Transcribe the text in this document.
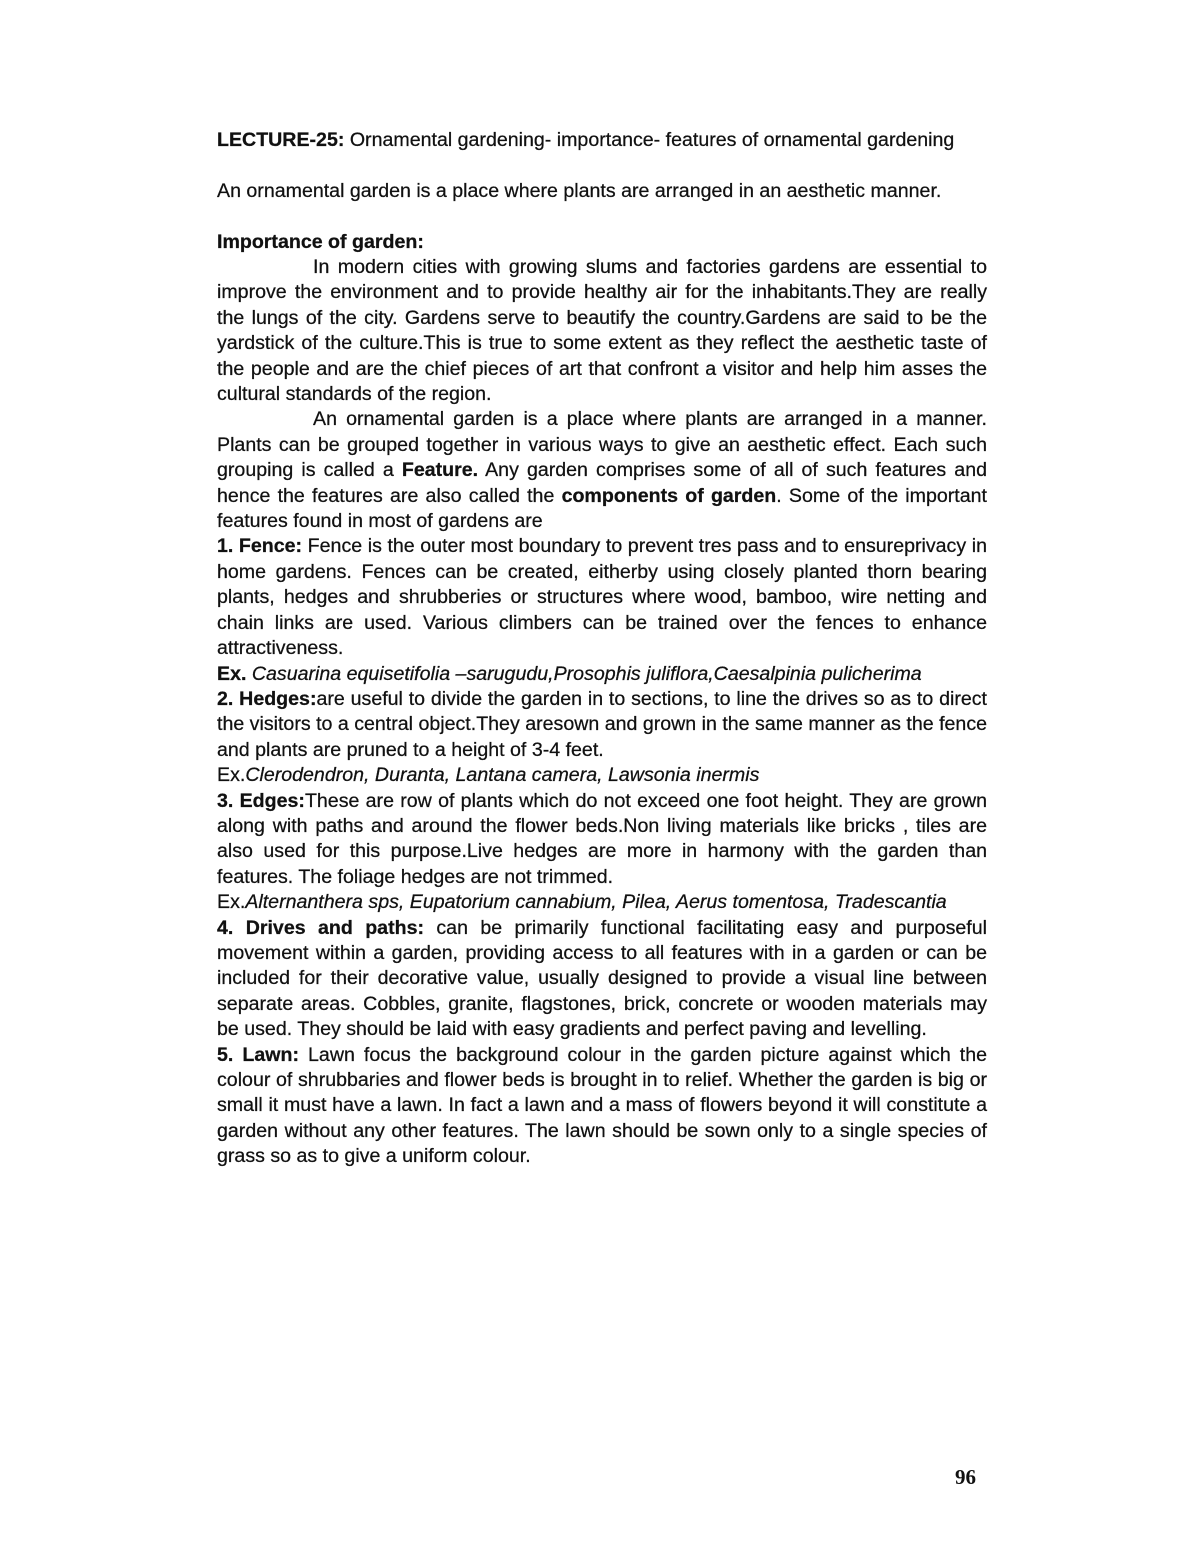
LECTURE-25: Ornamental gardening- importance- features of ornamental gardening

An ornamental garden is a place where plants are arranged in an aesthetic manner.

Importance of garden:

In modern cities with growing slums and factories gardens are essential to improve the environment and to provide healthy air for the inhabitants.They are really the lungs of the city. Gardens serve to beautify the country.Gardens are said to be the yardstick of the culture.This is true to some extent as they reflect the aesthetic taste of the people and are the chief pieces of art that confront a visitor and help him asses the cultural standards of the region.

An ornamental garden is a place where plants are arranged in a manner. Plants can be grouped together in various ways to give an aesthetic effect. Each such grouping is called a Feature. Any garden comprises some of all of such features and hence the features are also called the components of garden. Some of the important features found in most of gardens are

1. Fence: Fence is the outer most boundary to prevent tres pass and to ensureprivacy in home gardens. Fences can be created, eitherby using closely planted thorn bearing plants, hedges and shrubberies or structures where wood, bamboo, wire netting and chain links are used. Various climbers can be trained over the fences to enhance attractiveness.

Ex. Casuarina equisetifolia –sarugudu,Prosophis juliflora,Caesalpinia pulicherima

2. Hedges:are useful to divide the garden in to sections, to line the drives so as to direct the visitors to a central object.They aresown and grown in the same manner as the fence and plants are pruned to a height of 3-4 feet.

Ex.Clerodendron, Duranta, Lantana camera, Lawsonia inermis

3. Edges:These are row of plants which do not exceed one foot height. They are grown along with paths and around the flower beds.Non living materials like bricks , tiles are also used for this purpose.Live hedges are more in harmony with the garden than features. The foliage hedges are not trimmed.

Ex.Alternanthera sps, Eupatorium cannabium, Pilea, Aerus tomentosa, Tradescantia

4. Drives and paths: can be primarily functional facilitating easy and purposeful movement within a garden, providing access to all features with in a garden or can be included for their decorative value, usually designed to provide a visual line between separate areas. Cobbles, granite, flagstones, brick, concrete or wooden materials may be used. They should be laid with easy gradients and perfect paving and levelling.

5. Lawn: Lawn focus the background colour in the garden picture against which the colour of shrubbaries and flower beds is brought in to relief. Whether the garden is big or small it must have a lawn. In fact a lawn and a mass of flowers beyond it will constitute a garden without any other features. The lawn should be sown only to a single species of grass so as to give a uniform colour.

96
